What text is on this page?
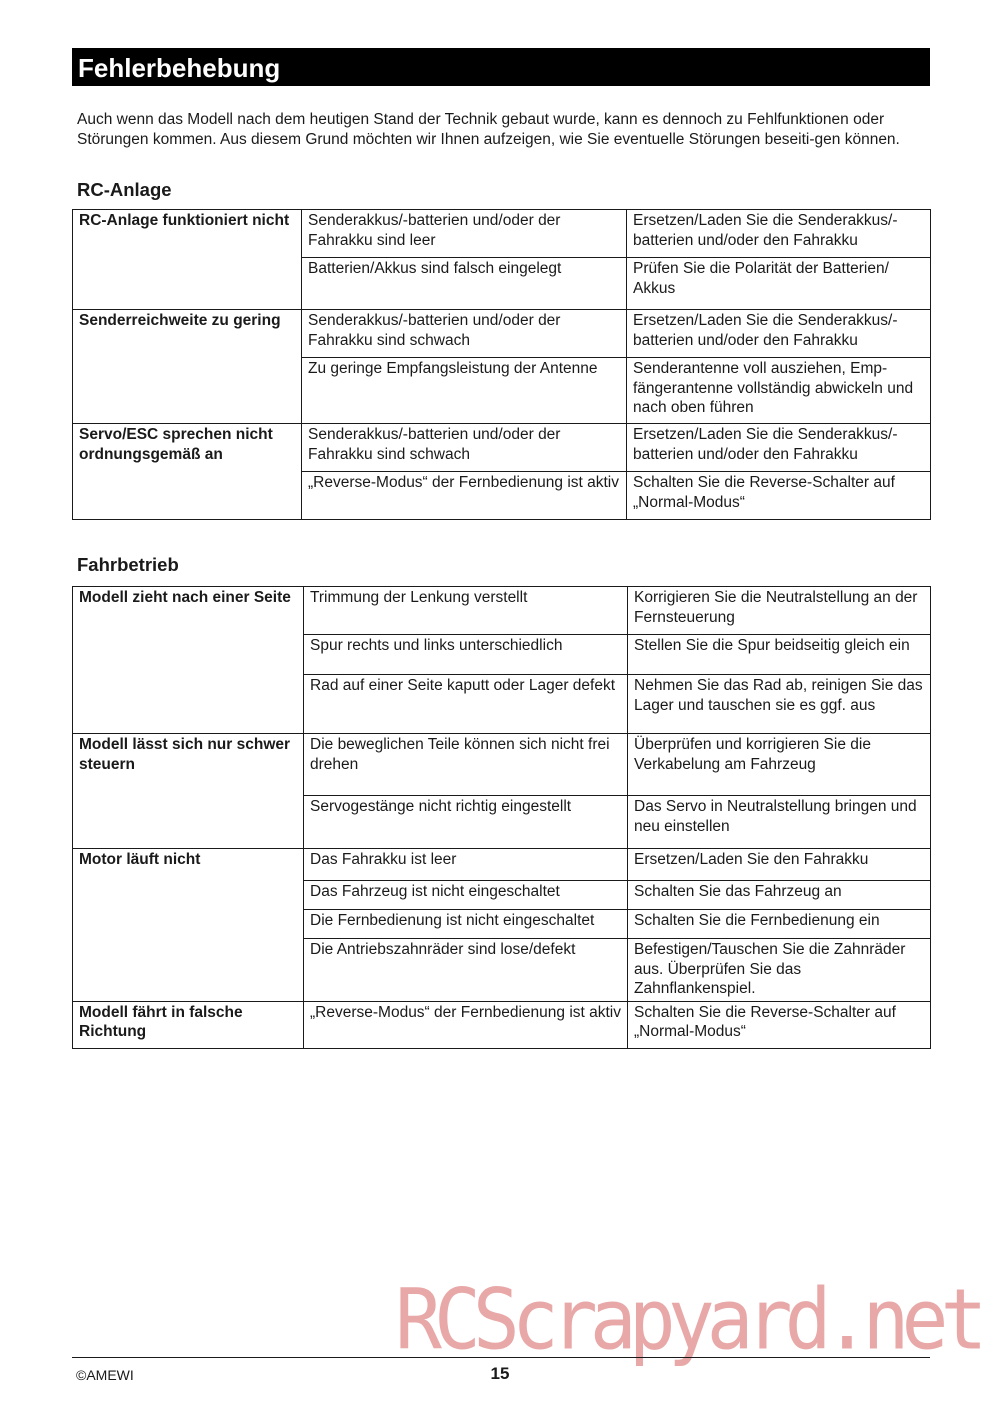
Fehlerbehebung

Auch wenn das Modell nach dem heutigen Stand der Technik gebaut wurde, kann es dennoch zu Fehlfunktionen oder Störungen kommen. Aus diesem Grund möchten wir Ihnen aufzeigen, wie Sie eventuelle Störungen beseiti-gen können.

RC-Anlage
RC-Anlage funktioniert nicht	Senderakkus/-batterien und/oder der Fahrakku sind leer	Ersetzen/Laden Sie die Senderakkus/-batterien und/oder den Fahrakku
	Batterien/Akkus sind falsch eingelegt	Prüfen Sie die Polarität der Batterien/ Akkus
Senderreichweite zu gering	Senderakkus/-batterien und/oder der Fahrakku sind schwach	Ersetzen/Laden Sie die Senderakkus/-batterien und/oder den Fahrakku
	Zu geringe Empfangsleistung der Antenne	Senderantenne voll ausziehen, Emp-fängerantenne vollständig abwickeln und nach oben führen
Servo/ESC sprechen nicht ordnungsgemäß an	Senderakkus/-batterien und/oder der Fahrakku sind schwach	Ersetzen/Laden Sie die Senderakkus/-batterien und/oder den Fahrakku
	„Reverse-Modus“ der Fernbedienung ist aktiv	Schalten Sie die Reverse-Schalter auf „Normal-Modus“
Fahrbetrieb
Modell zieht nach einer Seite	Trimmung der Lenkung verstellt	Korrigieren Sie die Neutralstellung an der Fernsteuerung
	Spur rechts und links unterschiedlich	Stellen Sie die Spur beidseitig gleich ein
	Rad auf einer Seite kaputt oder Lager defekt	Nehmen Sie das Rad ab, reinigen Sie das Lager und tauschen sie es ggf. aus
Modell lässt sich nur schwer steuern	Die beweglichen Teile können sich nicht frei drehen	Überprüfen und korrigieren Sie die Verkabelung am Fahrzeug
	Servogestänge nicht richtig eingestellt	Das Servo in Neutralstellung bringen und neu einstellen
Motor läuft nicht	Das Fahrakku ist leer	Ersetzen/Laden Sie den Fahrakku
	Das Fahrzeug ist nicht eingeschaltet	Schalten Sie das Fahrzeug an
	Die Fernbedienung ist nicht eingeschaltet	Schalten Sie die Fernbedienung ein
	Die Antriebszahnräder sind lose/defekt	Befestigen/Tauschen Sie die Zahnräder aus. Überprüfen Sie das Zahnflankenspiel.
Modell fährt in falsche Richtung	„Reverse-Modus“ der Fernbedienung ist aktiv	Schalten Sie die Reverse-Schalter auf „Normal-Modus“
RCScrapyard.net
©AMEWI	15
